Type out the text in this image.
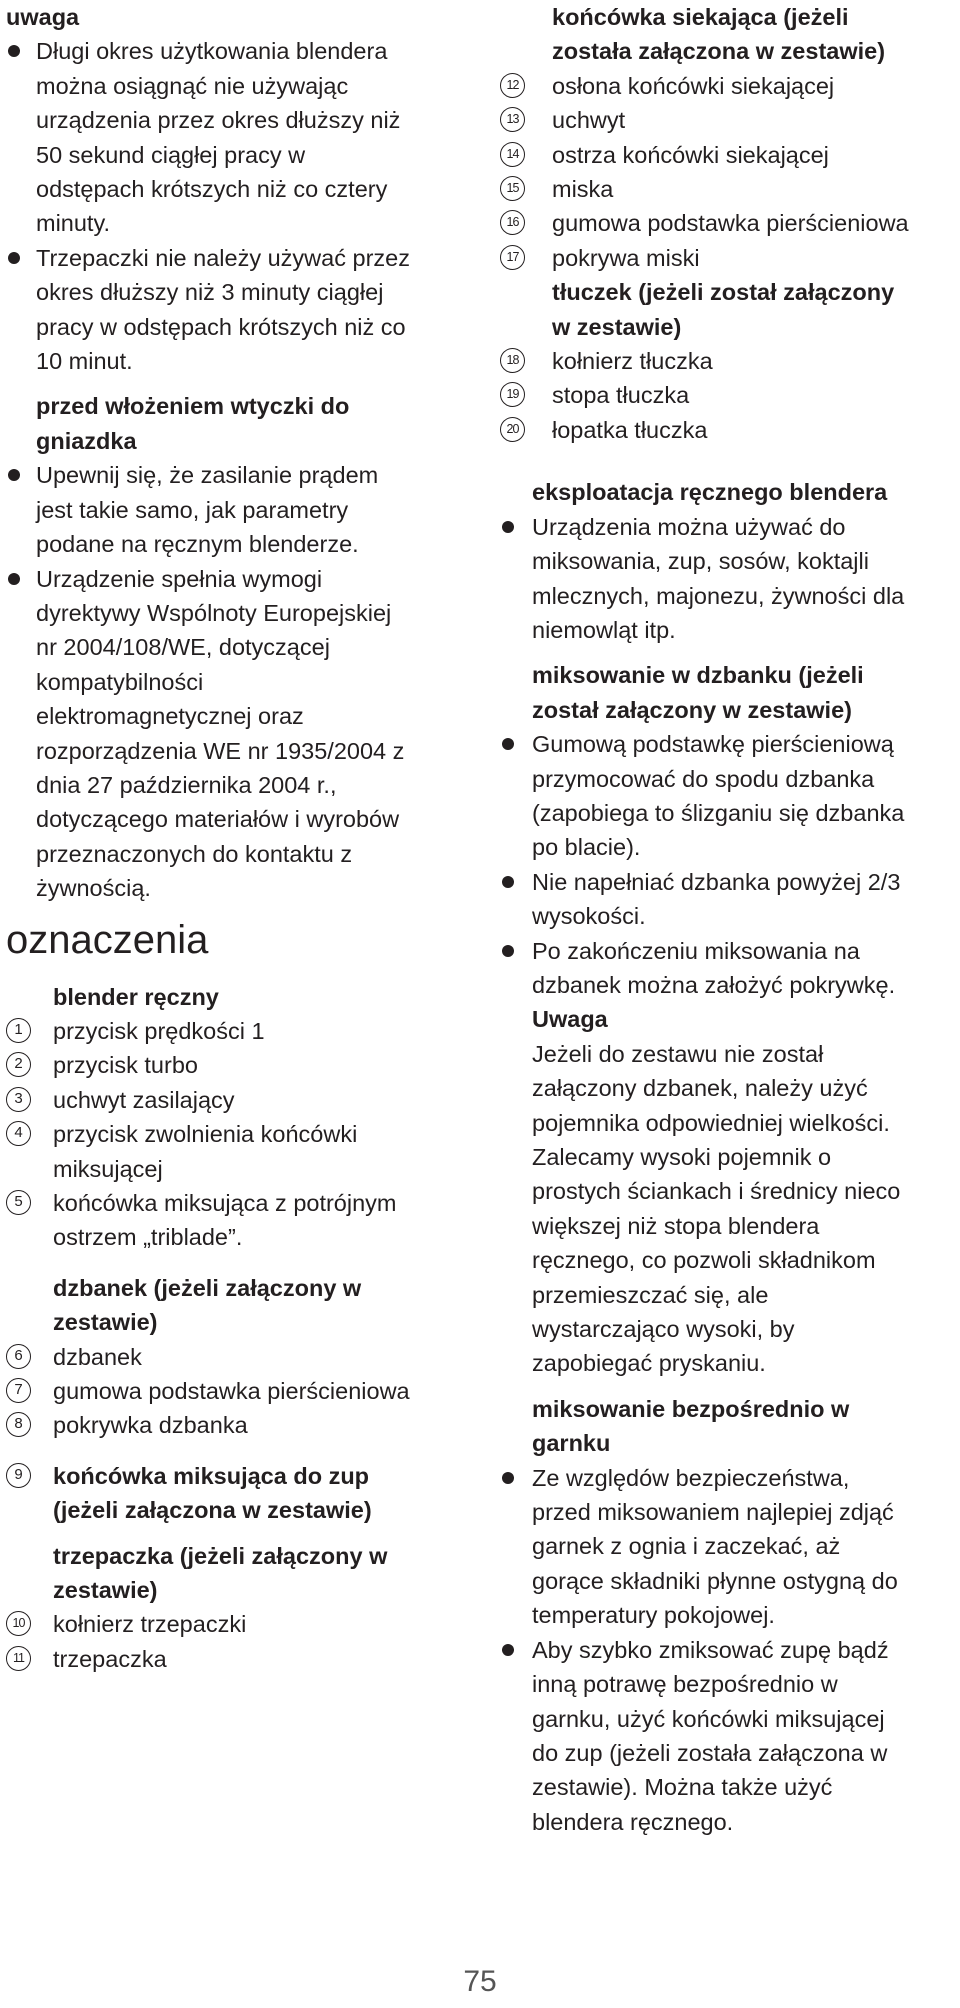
uwaga
Długi okres użytkowania blendera
można osiągnąć nie używając
urządzenia przez okres dłuższy niż
50 sekund ciągłej pracy w
odstępach krótszych niż co cztery
minuty.
Trzepaczki nie należy używać przez
okres dłuższy niż 3 minuty ciągłej
pracy w odstępach krótszych niż co
10 minut.
przed włożeniem wtyczki do
gniazdka
Upewnij się, że zasilanie prądem
jest takie samo, jak parametry
podane na ręcznym blenderze.
Urządzenie spełnia wymogi
dyrektywy Wspólnoty Europejskiej
nr 2004/108/WE, dotyczącej
kompatybilności
elektromagnetycznej oraz
rozporządzenia WE nr 1935/2004 z
dnia 27 października 2004 r.,
dotyczącego materiałów i wyrobów
przeznaczonych do kontaktu z
żywnością.
oznaczenia
blender ręczny
1	przycisk prędkości 1
2	przycisk turbo
3	uchwyt zasilający
4	przycisk zwolnienia końcówki
miksującej
5	końcówka miksująca z potrójnym
ostrzem „triblade”.
dzbanek (jeżeli załączony w
zestawie)
6	dzbanek
7	gumowa podstawka pierścieniowa
8	pokrywka dzbanka
9	końcówka miksująca do zup
(jeżeli załączona w zestawie)
trzepaczka (jeżeli załączony w
zestawie)
10 kołnierz trzepaczki
11 trzepaczka
końcówka siekająca (jeżeli
została załączona w zestawie)
12 osłona końcówki siekającej
13 uchwyt
14 ostrza końcówki siekającej
15 miska
16 gumowa podstawka pierścieniowa
17 pokrywa miski
tłuczek (jeżeli został załączony
w zestawie)
18 kołnierz tłuczka
19 stopa tłuczka
20 łopatka tłuczka
eksploatacja ręcznego blendera
Urządzenia można używać do
miksowania, zup, sosów, koktajli
mlecznych, majonezu, żywności dla
niemowląt itp.
miksowanie w dzbanku (jeżeli
został załączony w zestawie)
Gumową podstawkę pierścieniową
przymocować do spodu dzbanka
(zapobiega to ślizganiu się dzbanka
po blacie).
Nie napełniać dzbanka powyżej 2/3
wysokości.
Po zakończeniu miksowania na
dzbanek można założyć pokrywkę.
Uwaga
Jeżeli do zestawu nie został
załączony dzbanek, należy użyć
pojemnika odpowiedniej wielkości.
Zalecamy wysoki pojemnik o
prostych ściankach i średnicy nieco
większej niż stopa blendera
ręcznego, co pozwoli składnikom
przemieszczać się, ale
wystarczająco wysoki, by
zapobiegać pryskaniu.
miksowanie bezpośrednio w
garnku
Ze względów bezpieczeństwa,
przed miksowaniem najlepiej zdjąć
garnek z ognia i zaczekać, aż
gorące składniki płynne ostygną do
temperatury pokojowej.
Aby szybko zmiksować zupę bądź
inną potrawę bezpośrednio w
garnku, użyć końcówki miksującej
do zup (jeżeli została załączona w
zestawie). Można także użyć
blendera ręcznego.
75
